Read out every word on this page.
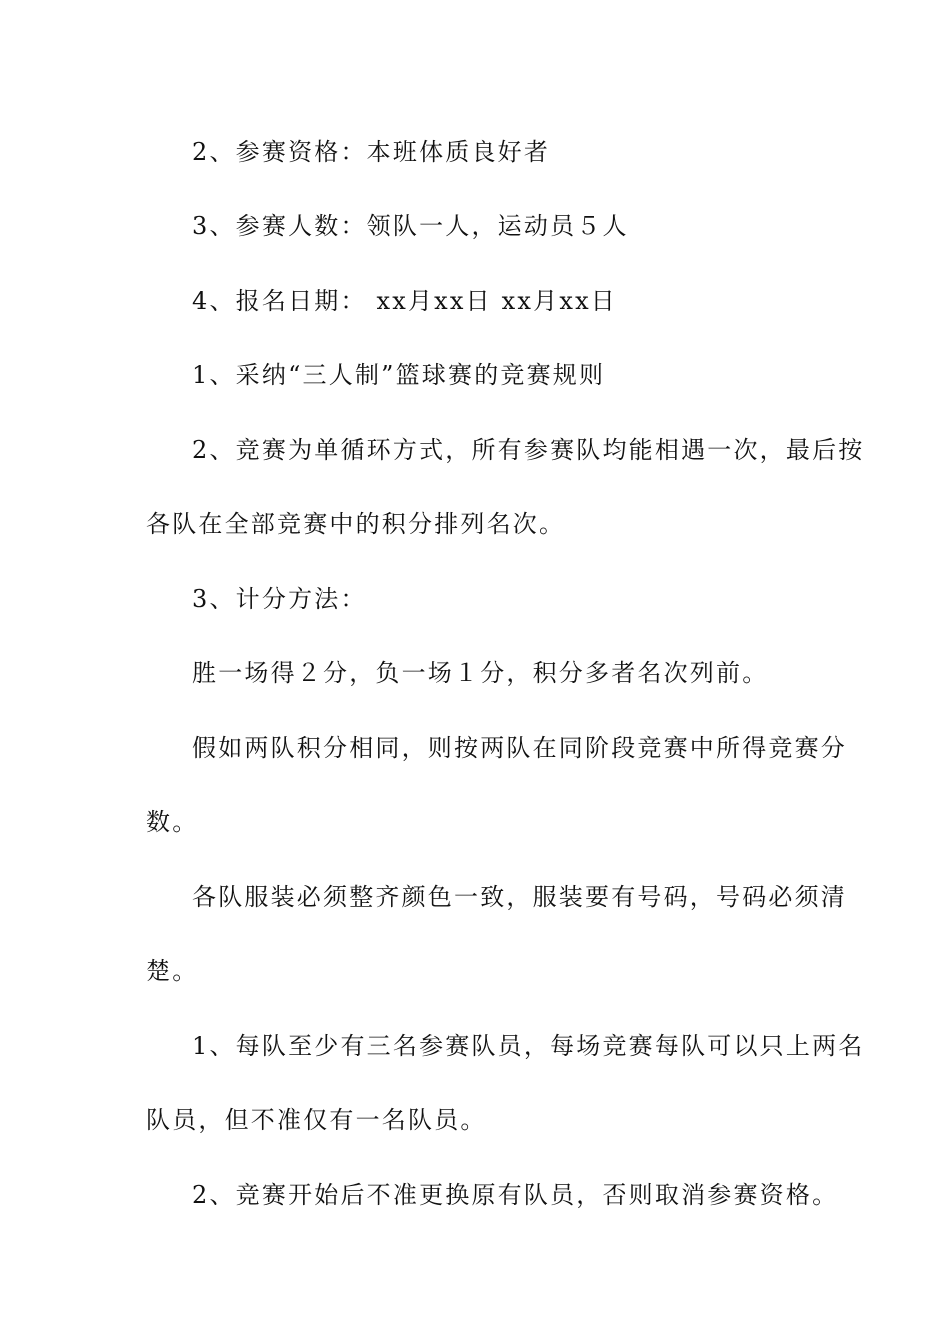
2、参赛资格：本班体质良好者
3、参赛人数：领队一人，运动员５人
4、报名日期： xx月xx日 xx月xx日
1、采纳“三人制”篮球赛的竞赛规则
2、竞赛为单循环方式，所有参赛队均能相遇一次，最后按
各队在全部竞赛中的积分排列名次。
3、计分方法：
胜一场得２分，负一场１分，积分多者名次列前。
假如两队积分相同，则按两队在同阶段竞赛中所得竞赛分
数。
各队服装必须整齐颜色一致，服装要有号码，号码必须清
楚。
1、每队至少有三名参赛队员，每场竞赛每队可以只上两名
队员，但不准仅有一名队员。
2、竞赛开始后不准更换原有队员，否则取消参赛资格。
